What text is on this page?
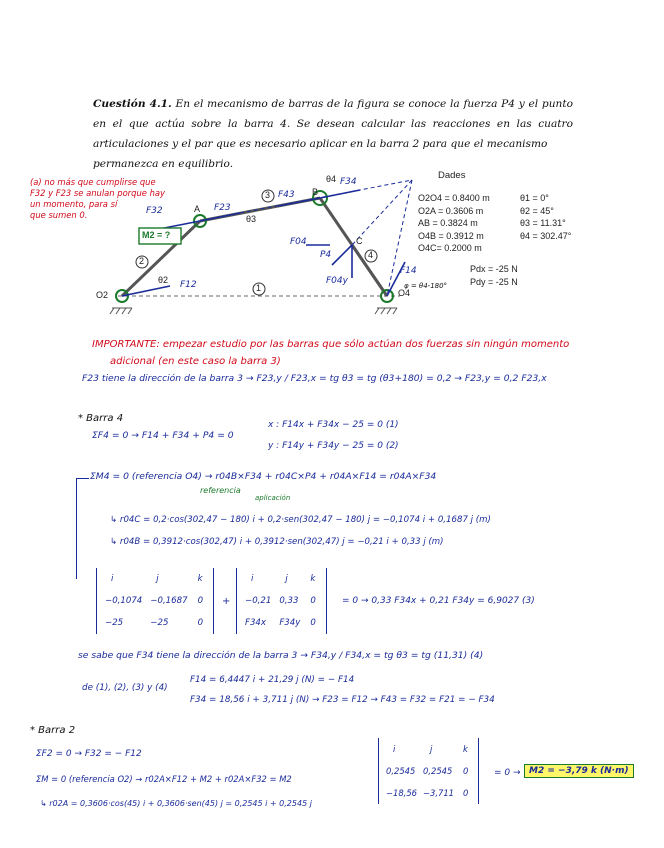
Cuestión 4.1. En el mecanismo de barras de la figura se conoce la fuerza P4 y el punto en el que actúa sobre la barra 4. Se desean calcular las reacciones en las cuatro articulaciones y el par que es necesario aplicar en la barra 2 para que el mecanismo
permanezca en equilibrio.
O2
A
B
C
O4
2
3
4
1
θ2
θ3
θ4
M2 = ?
F32	F23
F12
F43
F34
F14
P4
F04
F04y	φ = θ4-180°
(a) no más que cumplirse que
F32 y F23 se anulan porque hay
un momento, para sí
que sumen 0.
Dades
O2O4 = 0.8400 m
O2A = 0.3606 m
AB = 0.3824 m
O4B = 0.3912 m
O4C= 0.2000 m
θ1 = 0°
θ2 = 45°
θ3 = 11.31°
θ4 = 302.47°
Pdx = -25 N
Pdy = -25 N
IMPORTANTE: empezar estudio por las barras que sólo actúan dos fuerzas sin ningún momento
adicional (en este caso la barra 3)
F23 tiene la dirección de la barra 3 → F23,y / F23,x = tg θ3 = tg (θ3+180) = 0,2 → F23,y = 0,2 F23,x
* Barra 4
ΣF4 = 0 → F14 + F34 + P4 = 0
x : F14x + F34x − 25 = 0 (1)
y : F14y + F34y − 25 = 0 (2)
ΣM4 = 0 (referencia O4) → r04B×F34 + r04C×P4 + r04A×F14 = r04A×F34
referencia
aplicación
↳ r04C = 0,2·cos(302,47 − 180) i + 0,2·sen(302,47 − 180) j = −0,1074 i + 0,1687 j (m)
↳ r04B = 0,3912·cos(302,47) i + 0,3912·sen(302,47) j = −0,21 i + 0,33 j (m)
i	j	k
−0,1074	−0,1687	0
−25	−25	0
+
i	j	k
−0,21	0,33	0
F34x	F34y	0
= 0 → 0,33 F34x + 0,21 F34y = 6,9027 (3)
se sabe que F34 tiene la dirección de la barra 3 → F34,y / F34,x = tg θ3 = tg (11,31) (4)
de (1), (2), (3) y (4)
F14 = 6,4447 i + 21,29 j (N) = − F14
F34 = 18,56 i + 3,711 j (N) → F23 = F12 → F43 = F32 = F21 = − F34
* Barra 2
ΣF2 = 0 → F32 = − F12
ΣM = 0 (referencia O2) → r02A×F12 + M2 + r02A×F32 = M2
↳ r02A = 0,3606·cos(45) i + 0,3606·sen(45) j = 0,2545 i + 0,2545 j
i	j	k
0,2545	0,2545	0
−18,56	−3,711	0
= 0 → M2 = −3,79 k (N·m)
